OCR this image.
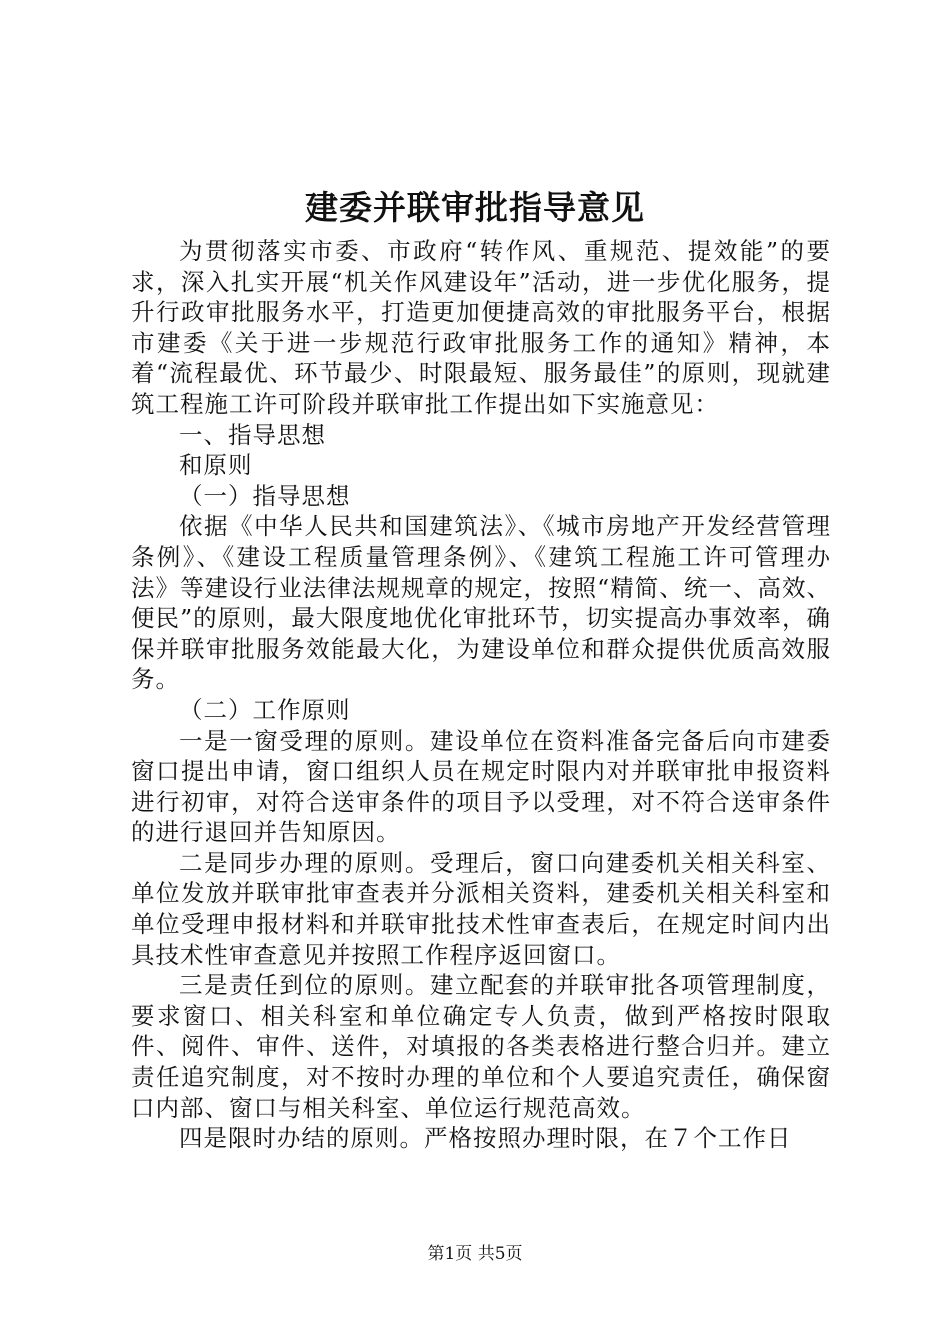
建委并联审批指导意见

为贯彻落实市委、市政府“转作风、重规范、提效能”的要求，深入扎实开展“机关作风建设年”活动，进一步优化服务，提升行政审批服务水平，打造更加便捷高效的审批服务平台，根据市建委《关于进一步规范行政审批服务工作的通知》精神，本着“流程最优、环节最少、时限最短、服务最佳”的原则，现就建筑工程施工许可阶段并联审批工作提出如下实施意见：

一、指导思想

和原则

（一）指导思想

依据《中华人民共和国建筑法》、《城市房地产开发经营管理条例》、《建设工程质量管理条例》、《建筑工程施工许可管理办法》等建设行业法律法规规章的规定，按照“精简、统一、高效、便民”的原则，最大限度地优化审批环节，切实提高办事效率，确保并联审批服务效能最大化，为建设单位和群众提供优质高效服务。

（二）工作原则

一是一窗受理的原则。建设单位在资料准备完备后向市建委窗口提出申请，窗口组织人员在规定时限内对并联审批申报资料进行初审，对符合送审条件的项目予以受理，对不符合送审条件的进行退回并告知原因。

二是同步办理的原则。受理后，窗口向建委机关相关科室、单位发放并联审批审查表并分派相关资料，建委机关相关科室和单位受理申报材料和并联审批技术性审查表后，在规定时间内出具技术性审查意见并按照工作程序返回窗口。

三是责任到位的原则。建立配套的并联审批各项管理制度，要求窗口、相关科室和单位确定专人负责，做到严格按时限取件、阅件、审件、送件，对填报的各类表格进行整合归并。建立责任追究制度，对不按时办理的单位和个人要追究责任，确保窗口内部、窗口与相关科室、单位运行规范高效。

四是限时办结的原则。严格按照办理时限，在７个工作日

第1页 共5页
